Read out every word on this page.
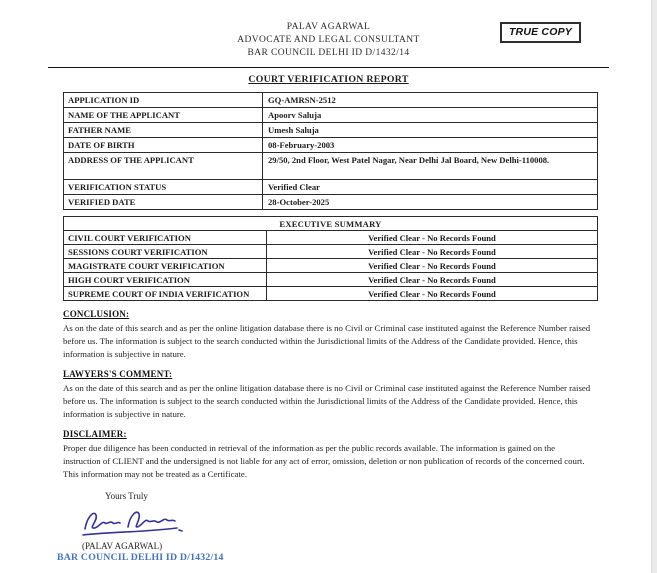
PALAV AGARWAL
ADVOCATE AND LEGAL CONSULTANT
BAR COUNCIL DELHI ID D/1432/14
TRUE COPY
COURT VERIFICATION REPORT
APPLICATION ID	GQ-AMRSN-2512
NAME OF THE APPLICANT	Apoorv Saluja
FATHER NAME	Umesh Saluja
DATE OF BIRTH	08-February-2003
ADDRESS OF THE APPLICANT	29/50, 2nd Floor, West Patel Nagar, Near Delhi Jal Board, New Delhi-110008.
VERIFICATION STATUS	Verified Clear
VERIFIED DATE	28-October-2025
EXECUTIVE SUMMARY
CIVIL COURT VERIFICATION	Verified Clear - No Records Found
SESSIONS COURT VERIFICATION	Verified Clear - No Records Found
MAGISTRATE COURT VERIFICATION	Verified Clear - No Records Found
HIGH COURT VERIFICATION	Verified Clear - No Records Found
SUPREME COURT OF INDIA VERIFICATION	Verified Clear - No Records Found
CONCLUSION:
As on the date of this search and as per the online litigation database there is no Civil or Criminal case instituted against the Reference Number raised before us. The information is subject to the search conducted within the Jurisdictional limits of the Address of the Candidate provided. Hence, this information is subjective in nature.
LAWYERS'S COMMENT:
As on the date of this search and as per the online litigation database there is no Civil or Criminal case instituted against the Reference Number raised before us. The information is subject to the search conducted within the Jurisdictional limits of the Address of the Candidate provided. Hence, this information is subjective in nature.
DISCLAIMER:
Proper due diligence has been conducted in retrieval of the information as per the public records available. The information is gained on the instruction of CLIENT and the undersigned is not liable for any act of error, omission, deletion or non publication of records of the concerned court. This information may not be treated as a Certificate.
Yours Truly
(PALAV AGARWAL)
BAR COUNCIL DELHI ID D/1432/14
